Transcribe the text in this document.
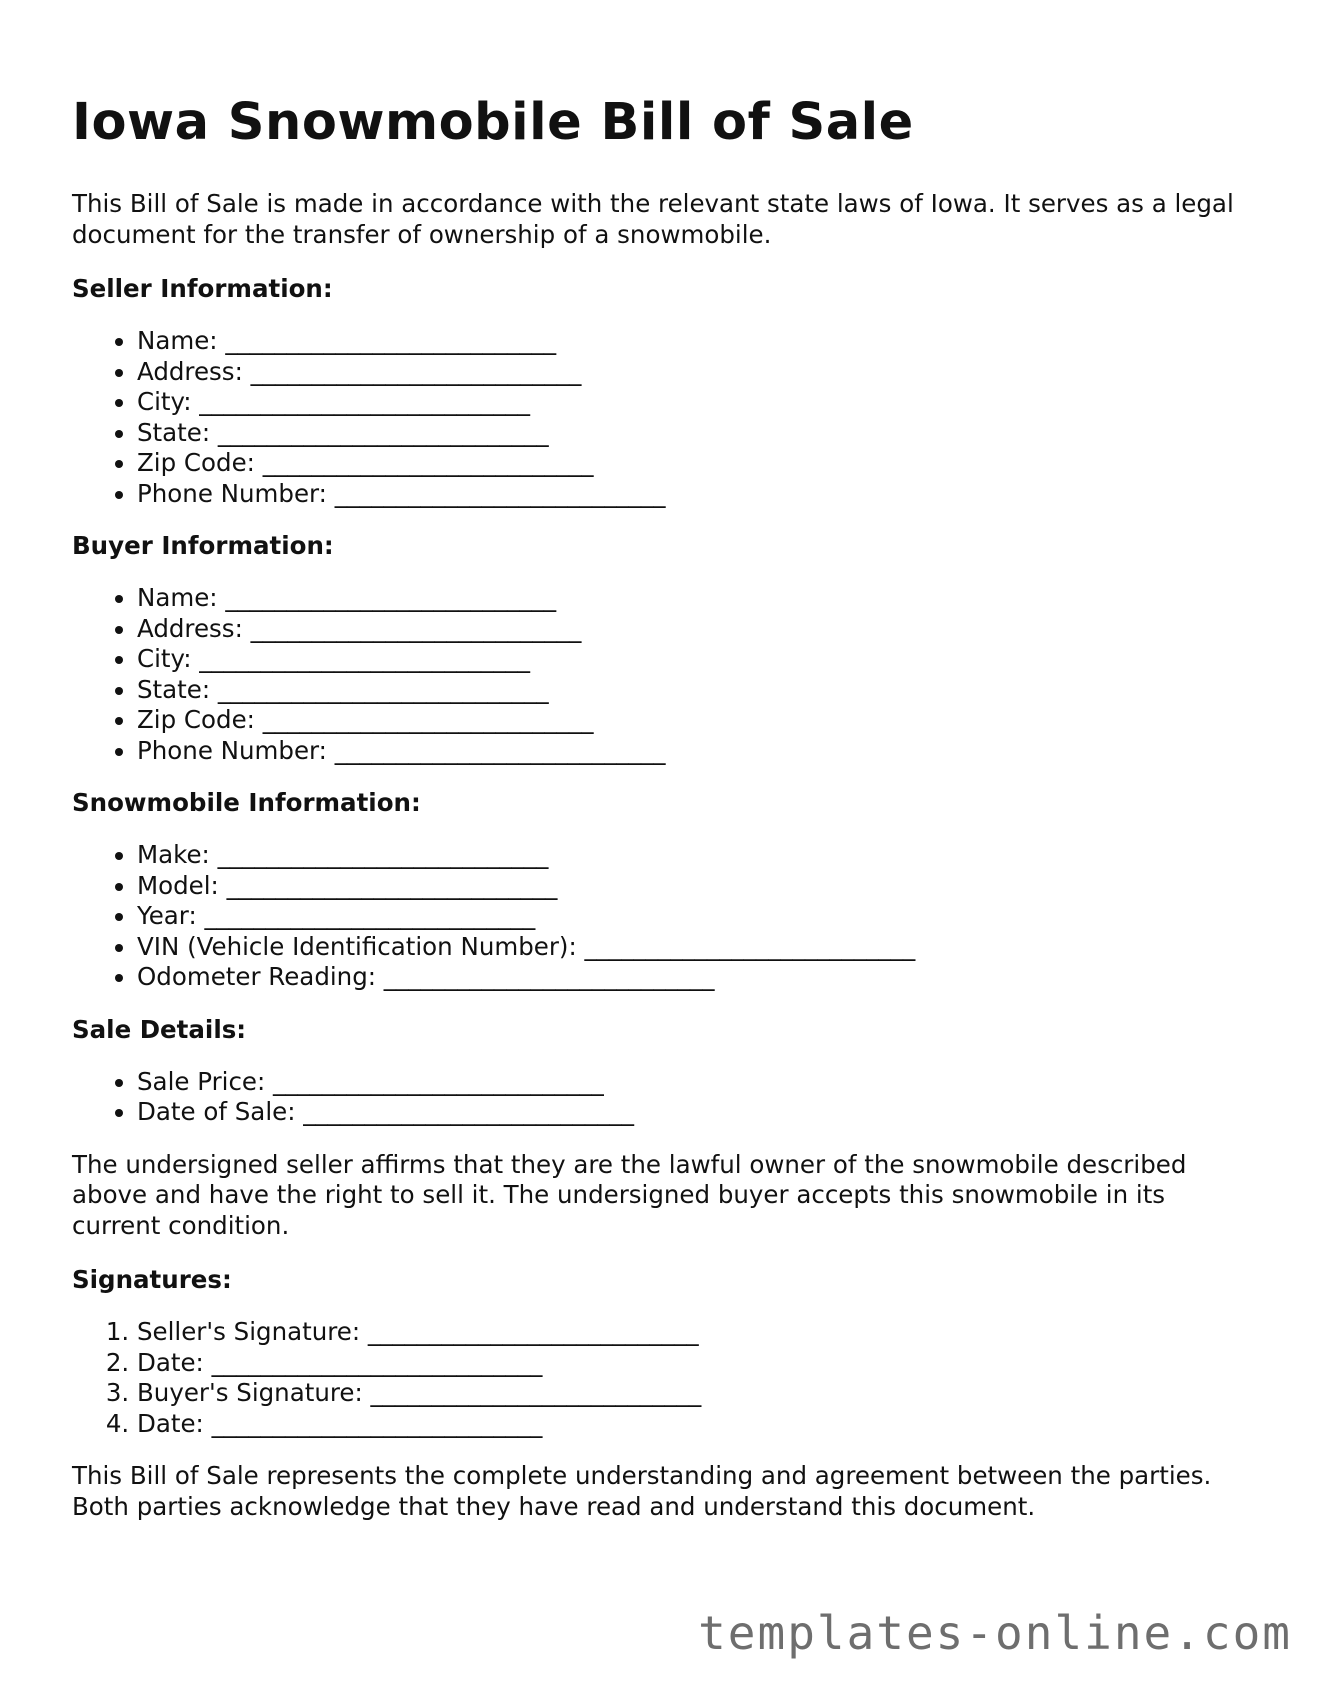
Iowa Snowmobile Bill of Sale

This Bill of Sale is made in accordance with the relevant state laws of Iowa. It serves as a legal document for the transfer of ownership of a snowmobile.

Seller Information:
• Name: ___________________________
• Address: ___________________________
• City: ___________________________
• State: ___________________________
• Zip Code: ___________________________
• Phone Number: ___________________________
Buyer Information:
• Name: ___________________________
• Address: ___________________________
• City: ___________________________
• State: ___________________________
• Zip Code: ___________________________
• Phone Number: ___________________________
Snowmobile Information:
• Make: ___________________________
• Model: ___________________________
• Year: ___________________________
• VIN (Vehicle Identification Number): ___________________________
• Odometer Reading: ___________________________
Sale Details:
• Sale Price: ___________________________
• Date of Sale: ___________________________

The undersigned seller affirms that they are the lawful owner of the snowmobile described above and have the right to sell it. The undersigned buyer accepts this snowmobile in its current condition.

Signatures:
1. Seller's Signature: ___________________________
2. Date: ___________________________
3. Buyer's Signature: ___________________________
4. Date: ___________________________

This Bill of Sale represents the complete understanding and agreement between the parties. Both parties acknowledge that they have read and understand this document.

templates-online.com
